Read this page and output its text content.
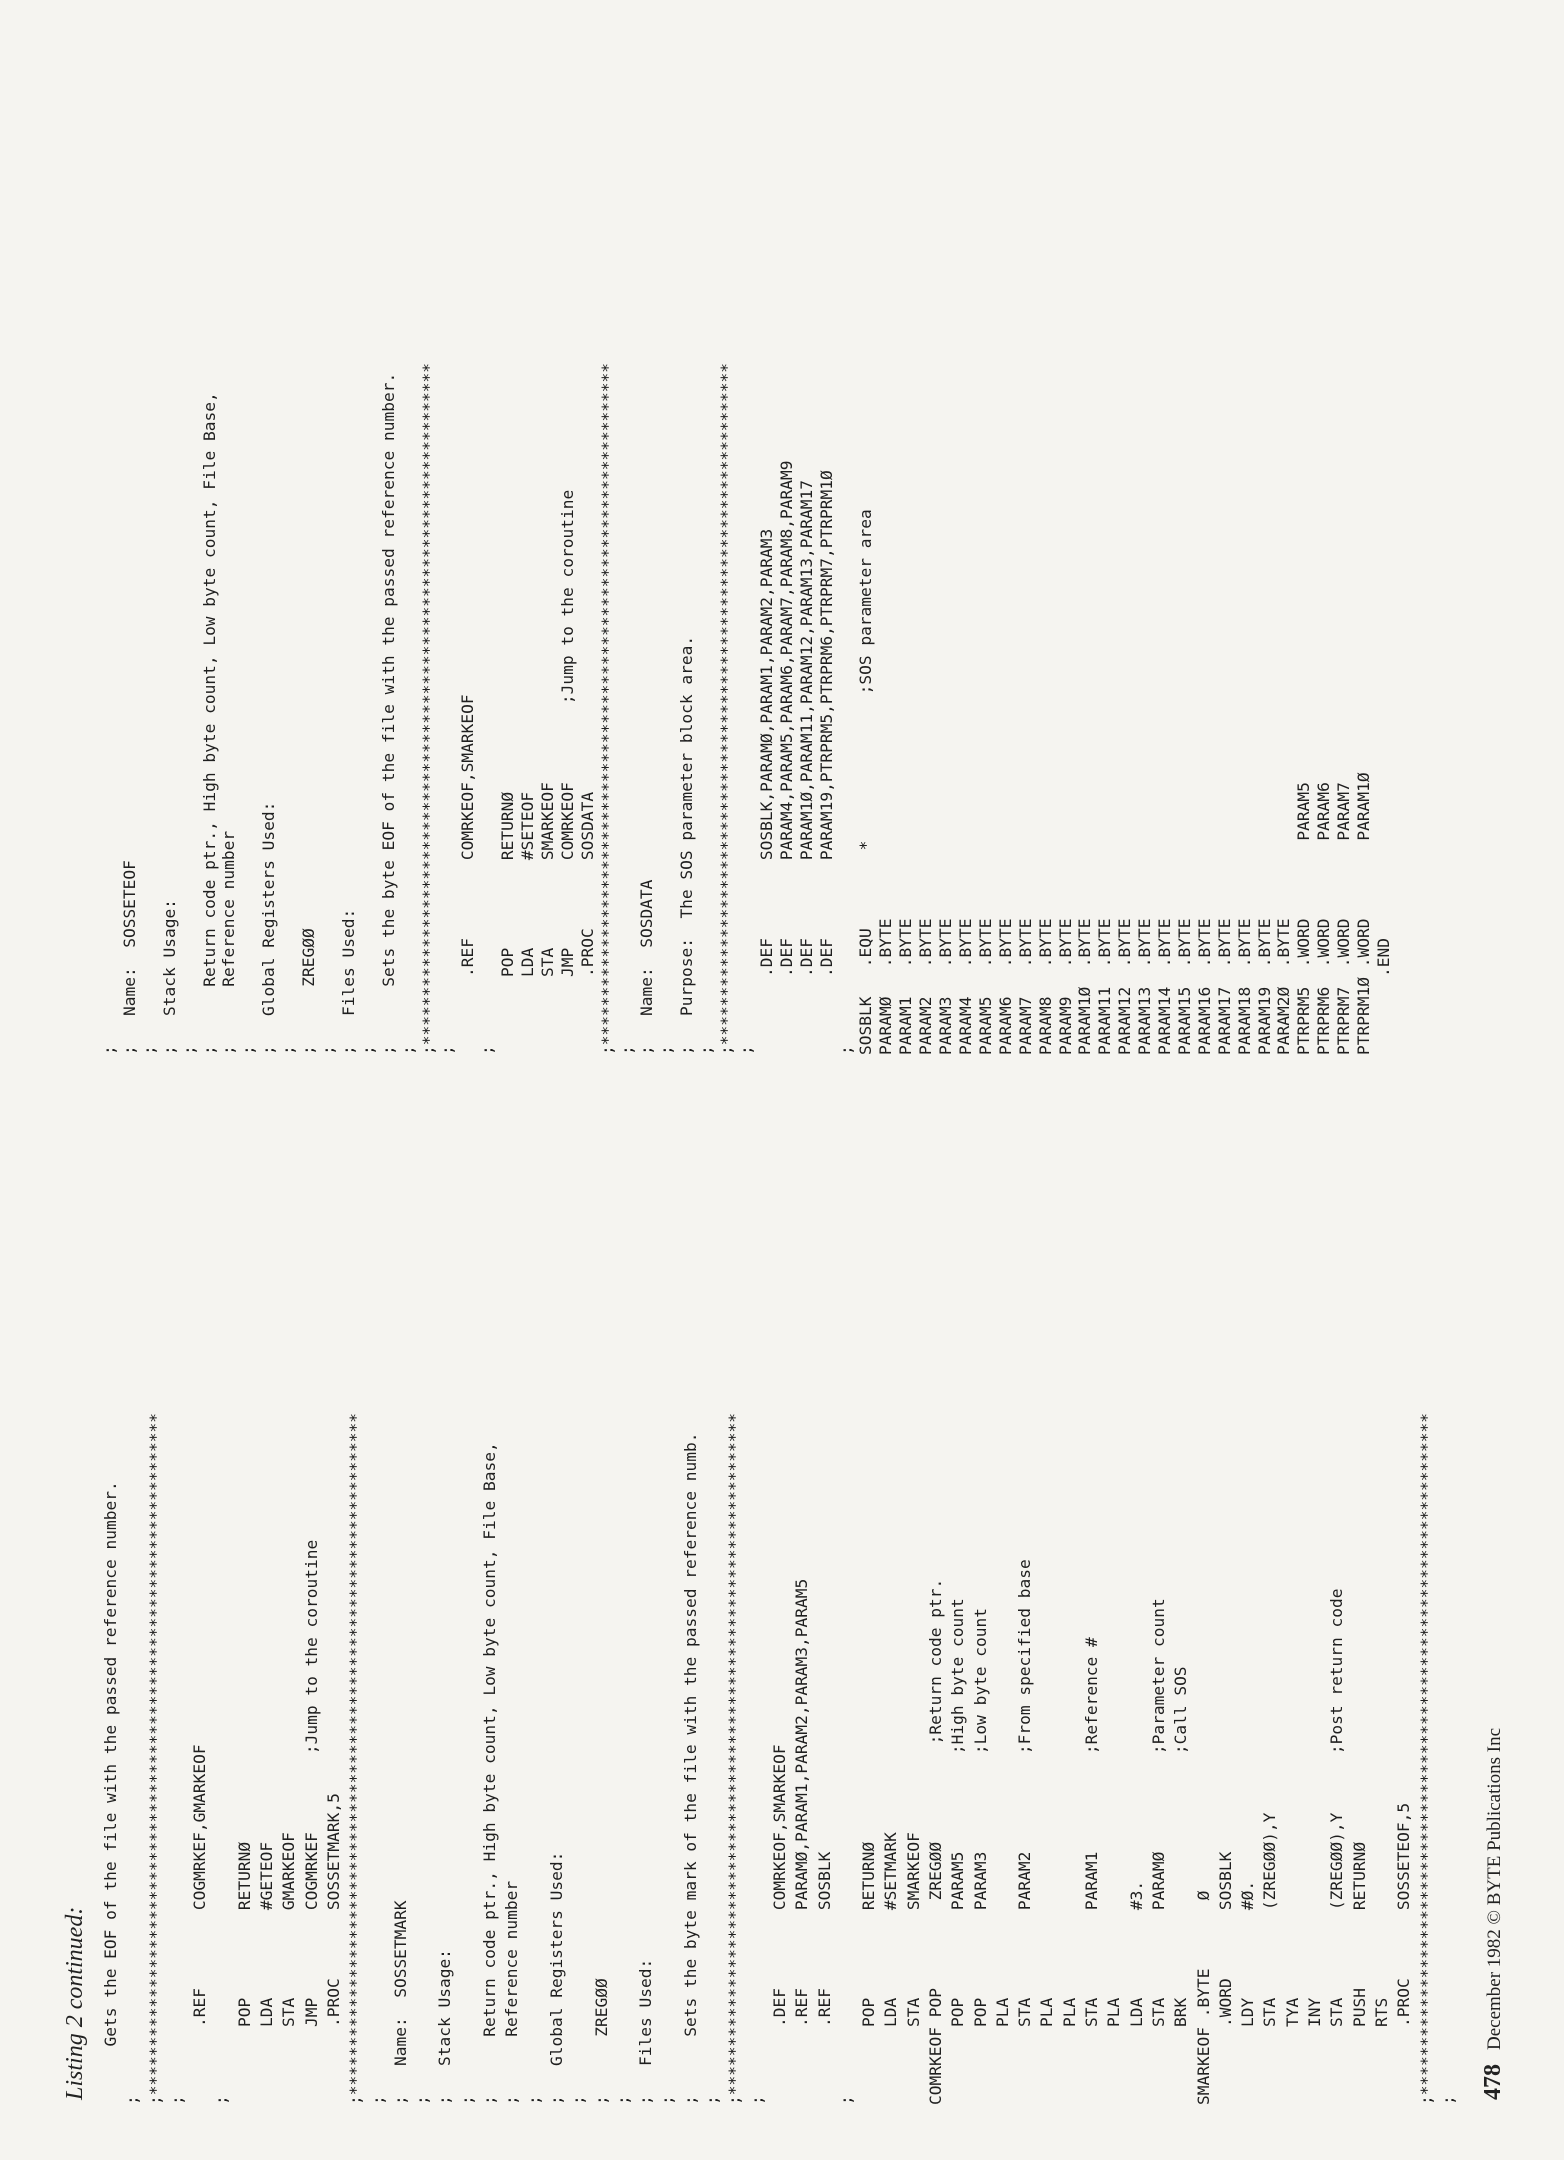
Listing 2 continued: Gets the EOF of the file with the passed reference number.
;
;**********************************************************************
;
.REF        COGMRKEF,GMARKEOF
;
POP         RETURNØ
LDA         #GETEOF
STA         GMARKEOF
JMP         COGMRKEF        ;Jump to the coroutine
.PROC       SOSSETMARK,5
;**********************************************************************
;
;   Name:  SOSSETMARK
;
;   Stack Usage:
;
;      Return code ptr., High byte count, Low byte count, File Base,
;      Reference number
;
;   Global Registers Used:
;
;      ZREGØØ
;
;   Files Used:
;
;      Sets the byte mark of the file with the passed reference numb.
;
;**********************************************************************
;
.DEF        COMRKEOF,SMARKEOF
.REF        PARAMØ,PARAM1,PARAM2,PARAM3,PARAM5
.REF        SOSBLK
;
POP         RETURNØ
LDA         #SETMARK
STA         SMARKEOF
COMRKEOF POP         ZREGØØ          ;Return code ptr.
POP         PARAM5          ;High byte count
POP         PARAM3          ;Low byte count
PLA
STA         PARAM2          ;From specified base
PLA
PLA
STA         PARAM1          ;Reference #
PLA
LDA         #3.
STA         PARAMØ          ;Parameter count
BRK                         ;Call SOS
SMARKEOF .BYTE       Ø
.WORD       SOSBLK
LDY         #Ø.
STA         (ZREGØØ),Y
TYA
INY
STA         (ZREGØØ),Y      ;Post return code
PUSH        RETURNØ
RTS
.PROC       SOSSETEOF,5
;**********************************************************************
;
;
;   Name:  SOSSETEOF
;
;   Stack Usage:
;
;      Return code ptr., High byte count, Low byte count, File Base,
;      Reference number
;
;   Global Registers Used:
;
;      ZREGØØ
;
;   Files Used:
;
;      Sets the byte EOF of the file with the passed reference number.
;
;**********************************************************************
;
.REF        COMRKEOF,SMARKEOF
;
POP         RETURNØ
LDA         #SETEOF
STA         SMARKEOF
JMP         COMRKEOF        ;Jump to the coroutine
.PROC       SOSDATA
;**********************************************************************
;
;   Name:  SOSDATA
;
;   Purpose:  The SOS parameter block area.
;
;**********************************************************************
;
.DEF        SOSBLK,PARAMØ,PARAM1,PARAM2,PARAM3
.DEF        PARAM4,PARAM5,PARAM6,PARAM7,PARAM8,PARAM9
.DEF        PARAM1Ø,PARAM11,PARAM12,PARAM13,PARAM17
.DEF        PARAM19,PTRPRM5,PTRPRM6,PTRPRM7,PTRPRM1Ø
;
SOSBLK   .EQU        *               ;SOS parameter area
PARAMØ   .BYTE
PARAM1   .BYTE
PARAM2   .BYTE
PARAM3   .BYTE
PARAM4   .BYTE
PARAM5   .BYTE
PARAM6   .BYTE
PARAM7   .BYTE
PARAM8   .BYTE
PARAM9   .BYTE
PARAM1Ø  .BYTE
PARAM11  .BYTE
PARAM12  .BYTE
PARAM13  .BYTE
PARAM14  .BYTE
PARAM15  .BYTE
PARAM16  .BYTE
PARAM17  .BYTE
PARAM18  .BYTE
PARAM19  .BYTE
PARAM2Ø  .BYTE
PTRPRM5  .WORD        PARAM5
PTRPRM6  .WORD        PARAM6
PTRPRM7  .WORD        PARAM7
PTRPRM1Ø .WORD        PARAM1Ø
.END
478December 1982 © BYTE Publications Inc
